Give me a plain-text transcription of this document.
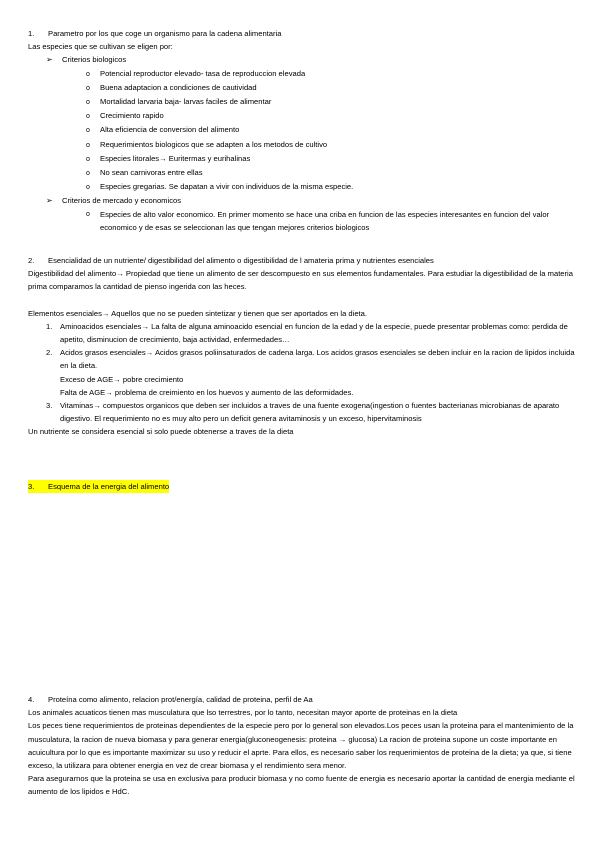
1.	Parametro por los que coge un organismo para la cadena alimentaria
Las especies que se cultivan se eligen por:
➢	Criterios biologicos
o	Potencial reproductor elevado- tasa de reproduccion elevada
o	Buena adaptacion a condiciones de cautividad
o	Mortalidad larvaria baja- larvas faciles de alimentar
o	Crecimiento rapido
o	Alta eficiencia de conversion del alimento
o	Requerimientos biologicos que se adapten a los metodos de cultivo
o	Especies litorales→ Euritermas y eurihalinas
o	No sean carnivoras entre ellas
o	Especies gregarias. Se dapatan a vivir con individuos de la misma especie.
➢	Criterios de mercado y economicos
o	Especies de alto valor economico. En primer momento se hace una criba en funcion de las especies interesantes en funcion del valor economico y de esas se seleccionan las que tengan mejores criterios biologicos
2.	Esencialidad de un nutriente/ digestibilidad del alimento o digestibilidad de l amateria prima y nutrientes esenciales
Digestibilidad del alimento→ Propiedad que tiene un alimento de ser descompuesto en sus elementos fundamentales. Para estudiar la digestibilidad de la materia prima comparamos la cantidad de pienso ingerida con las heces.
Elementos esenciales→ Aquellos que no se pueden sintetizar y tienen que ser aportados en la dieta.
1.	Aminoacidos esenciales→ La falta de alguna aminoacido esencial en funcion de la edad y de la especie, puede presentar problemas como: perdida de apetito, disminucion de crecimiento, baja actividad, enfermedades…
2.	Acidos grasos esenciales→ Acidos grasos poliinsaturados de cadena larga. Los acidos grasos esenciales se deben incluir en la racion de lipidos incluida en la dieta.
Exceso de AGE→ pobre crecimiento
Falta de AGE→ problema de creimiento en los huevos y aumento de las deformidades.
3.	Vitaminas→ compuestos organicos que deben ser incluidos a traves de una fuente exogena(ingestion o fuentes bacterianas microbianas de aparato digestivo. El requerimiento no es muy alto pero un deficit genera avitaminosis y un exceso, hipervitaminosis
Un nutriente se considera esencial si solo puede obtenerse a traves de la dieta
3.	Esquema de la energia del alimento
4.	Proteína como alimento, relacion prot/energía, calidad de proteina, perfil de Aa
Los animales acuaticos tienen mas musculatura que lso terrestres, por lo tanto, necesitan mayor aporte de proteinas en la dieta
Los peces tiene requerimientos de proteinas dependientes de la especie pero por lo general son elevados.Los peces usan la proteina para el mantenimiento de la musculatura, la racion de nueva biomasa y para generar energia(gluconeogenesis: proteina → glucosa) La racion de proteina supone un coste importante en acuicultura por lo que es importante maximizar su uso y reducir el aprte. Para ellos, es necesario saber los requerimientos de proteina de la dieta; ya que, si tiene exceso, la utilizara para obtener energia en vez de crear biomasa y el rendimiento sera menor.
Para asegurarnos que la proteina se usa en exclusiva para producir biomasa y no como fuente de energia es necesario aportar la cantidad de energia mediante el aumento de los lipidos e HdC.
